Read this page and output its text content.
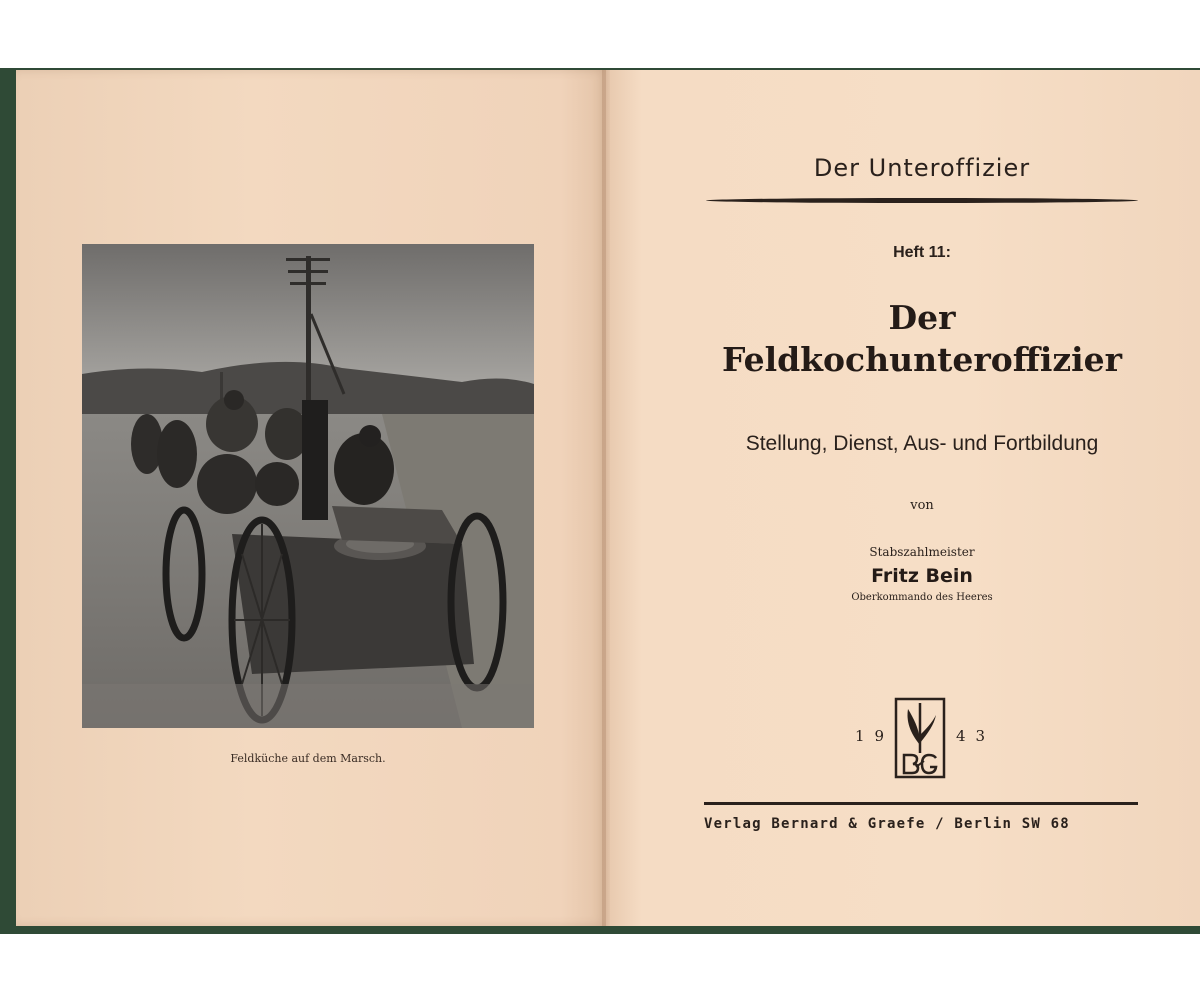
Feldküche auf dem Marsch.
Der Unteroffizier
Heft 11:
Der
Feldkochunteroffizier
Stellung, Dienst, Aus- und Fortbildung
von
Stabszahlmeister
Fritz Bein
Oberkommando des Heeres
19	43
Verlag Bernard & Graefe / Berlin SW 68
